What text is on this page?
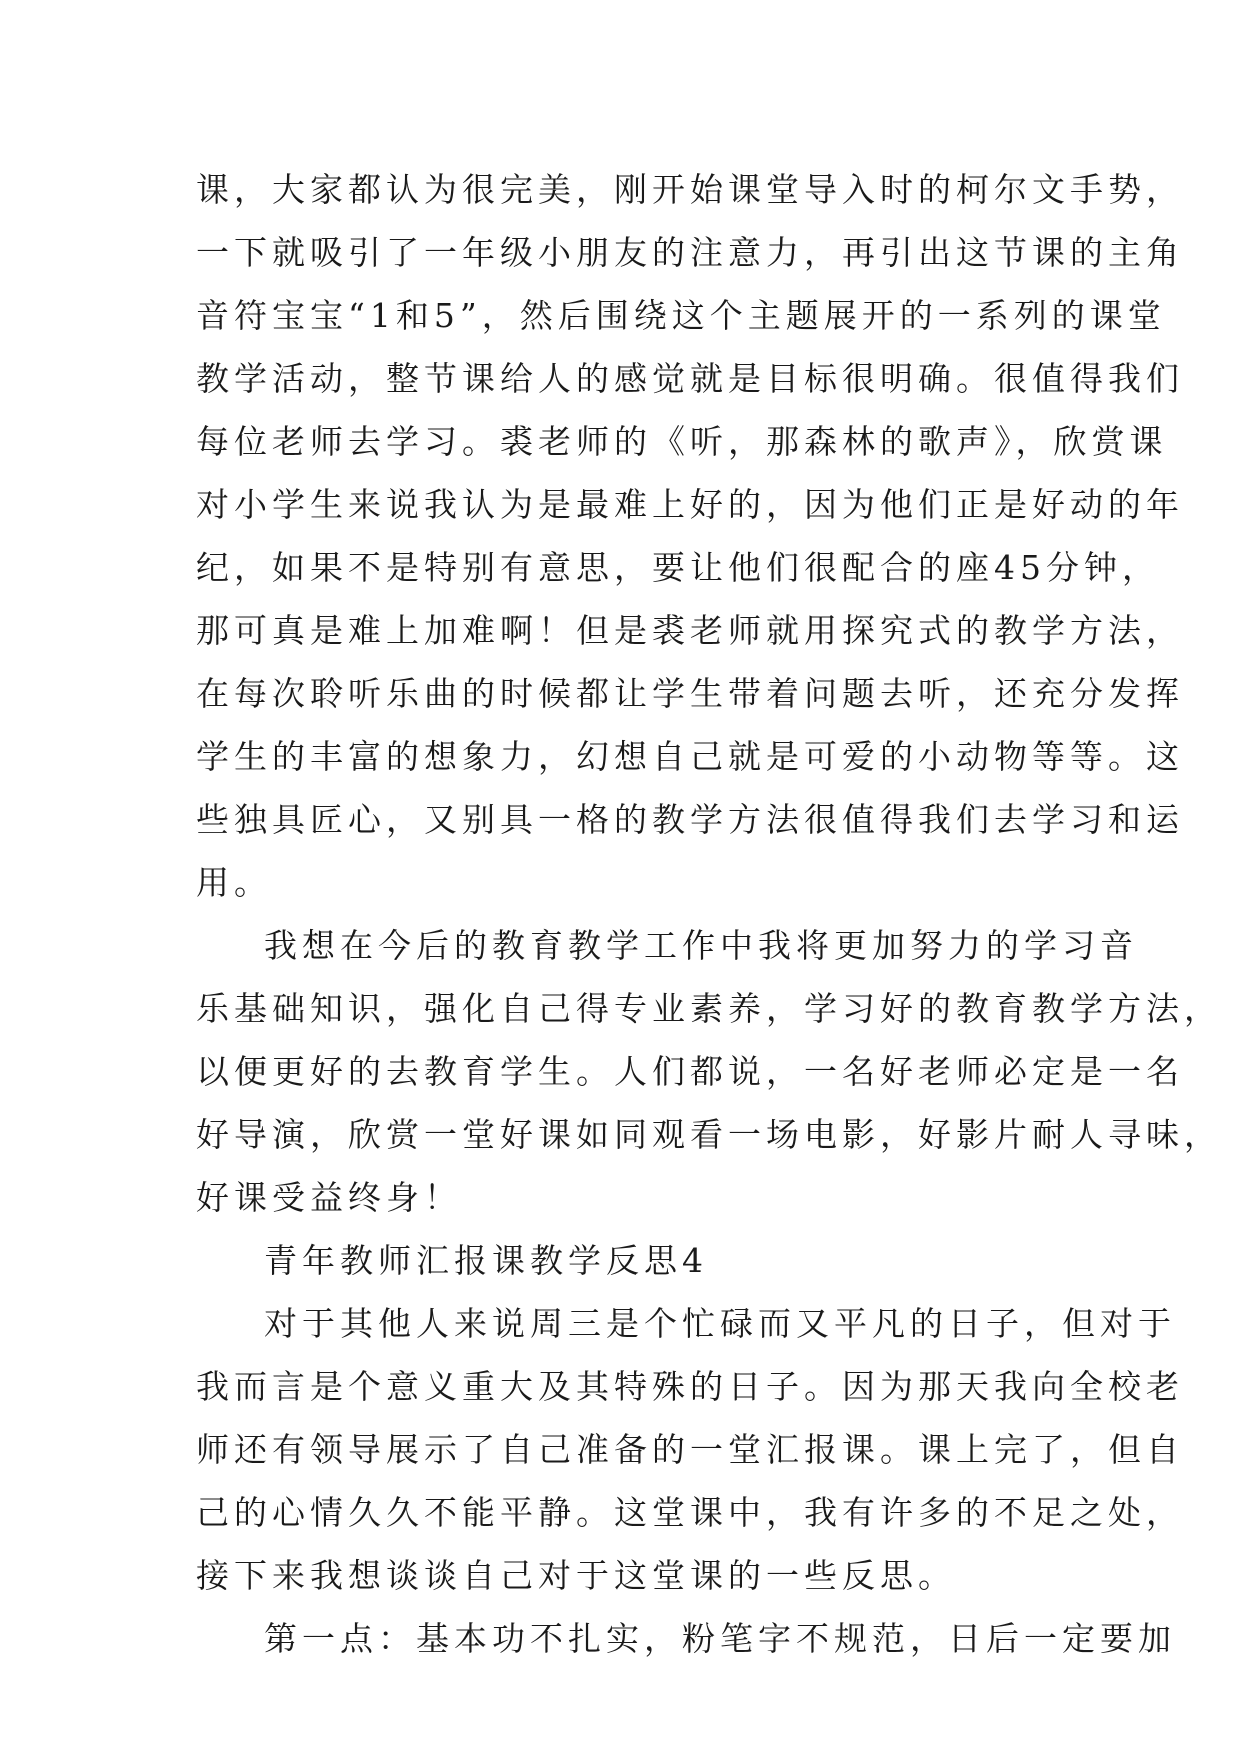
课，大家都认为很完美，刚开始课堂导入时的柯尔文手势，
一下就吸引了一年级小朋友的注意力，再引出这节课的主角
音符宝宝“1和5”，然后围绕这个主题展开的一系列的课堂
教学活动，整节课给人的感觉就是目标很明确。很值得我们
每位老师去学习。裘老师的《听，那森林的歌声》，欣赏课
对小学生来说我认为是最难上好的，因为他们正是好动的年
纪，如果不是特别有意思，要让他们很配合的座45分钟，
那可真是难上加难啊！但是裘老师就用探究式的教学方法，
在每次聆听乐曲的时候都让学生带着问题去听，还充分发挥
学生的丰富的想象力，幻想自己就是可爱的小动物等等。这
些独具匠心，又别具一格的教学方法很值得我们去学习和运
用。
我想在今后的教育教学工作中我将更加努力的学习音
乐基础知识，强化自己得专业素养，学习好的教育教学方法，
以便更好的去教育学生。人们都说，一名好老师必定是一名
好导演，欣赏一堂好课如同观看一场电影，好影片耐人寻味，
好课受益终身！
青年教师汇报课教学反思4
对于其他人来说周三是个忙碌而又平凡的日子，但对于
我而言是个意义重大及其特殊的日子。因为那天我向全校老
师还有领导展示了自己准备的一堂汇报课。课上完了，但自
己的心情久久不能平静。这堂课中，我有许多的不足之处，
接下来我想谈谈自己对于这堂课的一些反思。
第一点：基本功不扎实，粉笔字不规范，日后一定要加
